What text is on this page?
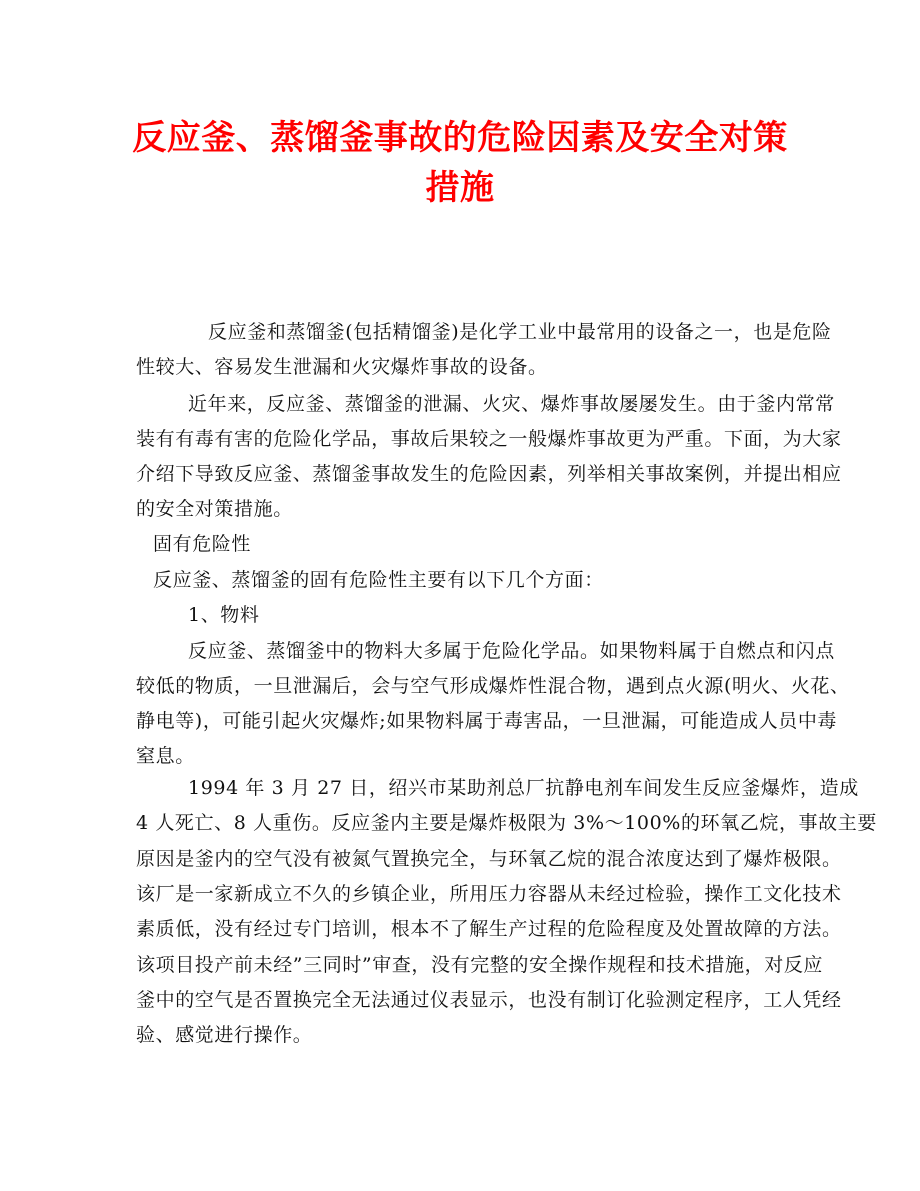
反应釜、蒸馏釜事故的危险因素及安全对策
措施
反应釜和蒸馏釜(包括精馏釜)是化学工业中最常用的设备之一，也是危险
性较大、容易发生泄漏和火灾爆炸事故的设备。
近年来，反应釜、蒸馏釜的泄漏、火灾、爆炸事故屡屡发生。由于釜内常常
装有有毒有害的危险化学品，事故后果较之一般爆炸事故更为严重。下面，为大家
介绍下导致反应釜、蒸馏釜事故发生的危险因素，列举相关事故案例，并提出相应
的安全对策措施。
固有危险性
反应釜、蒸馏釜的固有危险性主要有以下几个方面：
1、物料
反应釜、蒸馏釜中的物料大多属于危险化学品。如果物料属于自燃点和闪点
较低的物质，一旦泄漏后，会与空气形成爆炸性混合物，遇到点火源(明火、火花、
静电等)，可能引起火灾爆炸;如果物料属于毒害品，一旦泄漏，可能造成人员中毒
窒息。
1994 年 3 月 27 日，绍兴市某助剂总厂抗静电剂车间发生反应釜爆炸，造成
4 人死亡、8 人重伤。反应釜内主要是爆炸极限为 3%～100%的环氧乙烷，事故主要
原因是釜内的空气没有被氮气置换完全，与环氧乙烷的混合浓度达到了爆炸极限。
该厂是一家新成立不久的乡镇企业，所用压力容器从未经过检验，操作工文化技术
素质低，没有经过专门培训，根本不了解生产过程的危险程度及处置故障的方法。
该项目投产前未经”三同时”审查，没有完整的安全操作规程和技术措施，对反应
釜中的空气是否置换完全无法通过仪表显示，也没有制订化验测定程序，工人凭经
验、感觉进行操作。
